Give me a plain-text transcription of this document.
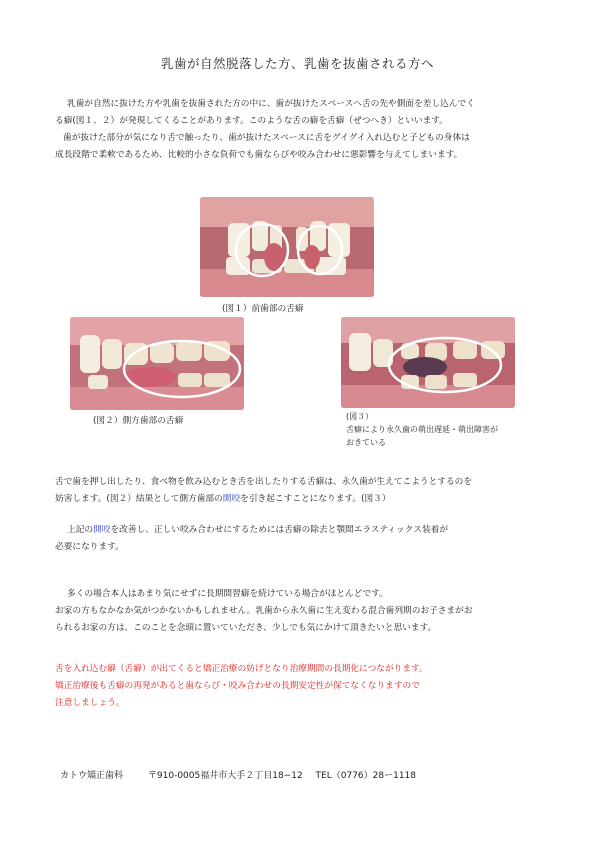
乳歯が自然脱落した方、乳歯を抜歯される方へ
乳歯が自然に抜けた方や乳歯を抜歯された方の中に、歯が抜けたスペースへ舌の先や側面を差し込んでく
る癖(図１、２）が発現してくることがあります。このような舌の癖を舌癖（ぜつへき）といいます。
歯が抜けた部分が気になり舌で触ったり、歯が抜けたスペースに舌をグイグイ入れ込むと子どもの身体は
成長段階で柔軟であるため、比較的小さな負荷でも歯ならびや咬み合わせに悪影響を与えてしまいます。
(図１）前歯部の舌癖
(図２）側方歯部の舌癖	(図３）
舌癖により永久歯の萌出遅延・萌出障害が
おきている
舌で歯を押し出したり、食べ物を飲み込むとき舌を出したりする舌癖は、永久歯が生えてこようとするのを
妨害します。(図２）結果として側方歯部の開咬を引き起こすことになります。(図３）
上記の開咬を改善し、正しい咬み合わせにするためには舌癖の除去と顎間エラスティックス装着が
必要になります。
多くの場合本人はあまり気にせずに長期間習癖を続けている場合がほとんどです。
お家の方もなかなか気がつかないかもしれません。乳歯から永久歯に生え変わる混合歯列期のお子さまがお
られるお家の方は、このことを念頭に置いていただき、少しでも気にかけて頂きたいと思います。
舌を入れ込む癖（舌癖）が出てくると矯正治療の妨げとなり治療期間の長期化につながります。
矯正治療後も舌癖の再発があると歯ならび・咬み合わせの長期安定性が保てなくなりますので
注意しましょう。
カトウ矯正歯科	〒910-0005福井市大手２丁目18−12 TEL（0776）28ー1118
